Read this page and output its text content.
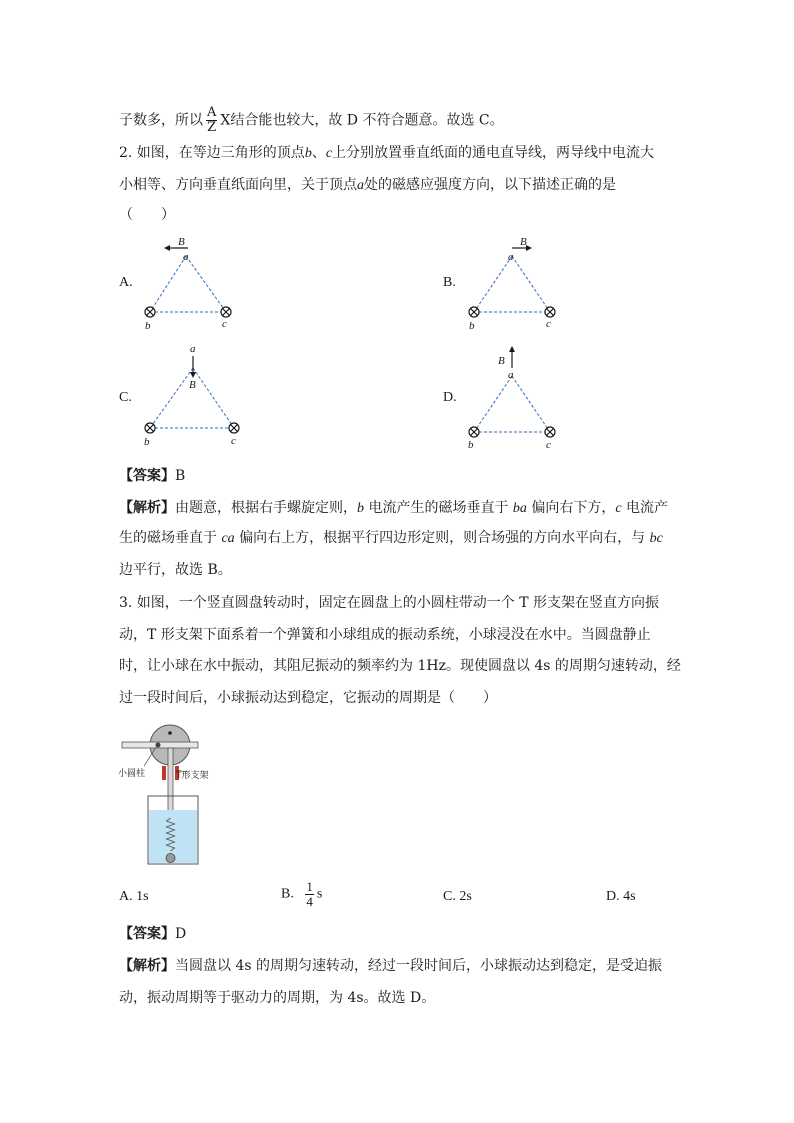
子数多，所以 $\frac{A}{Z}$ X结合能也较大，故 D 不符合题意。故选 C。
2. 如图，在等边三角形的顶点b、c上分别放置垂直纸面的通电直导线，两导线中电流大
小相等、方向垂直纸面向里，关于顶点a处的磁感应强度方向，以下描述正确的是
（　　）
A.
B
a
b	c
B.
B
a
b	c
C.
a
B
b	c
D.
B
a
b	c
【答案】B
【解析】由题意，根据右手螺旋定则，b 电流产生的磁场垂直于 ba 偏向右下方，c 电流产
生的磁场垂直于 ca 偏向右上方，根据平行四边形定则，则合场强的方向水平向右，与 bc
边平行，故选 B。
3. 如图，一个竖直圆盘转动时，固定在圆盘上的小圆柱带动一个 T 形支架在竖直方向振
动，T 形支架下面系着一个弹簧和小球组成的振动系统，小球浸没在水中。当圆盘静止
时，让小球在水中振动，其阻尼振动的频率约为 1Hz。现使圆盘以 4s 的周期匀速转动，经
过一段时间后，小球振动达到稳定，它振动的周期是（　　）
小圆柱	T形支架
A. 1s	B. $\frac{1}{4}$ s	C. 2s	D. 4s
【答案】D
【解析】当圆盘以 4s 的周期匀速转动，经过一段时间后，小球振动达到稳定，是受迫振
动，振动周期等于驱动力的周期，为 4s。故选 D。
